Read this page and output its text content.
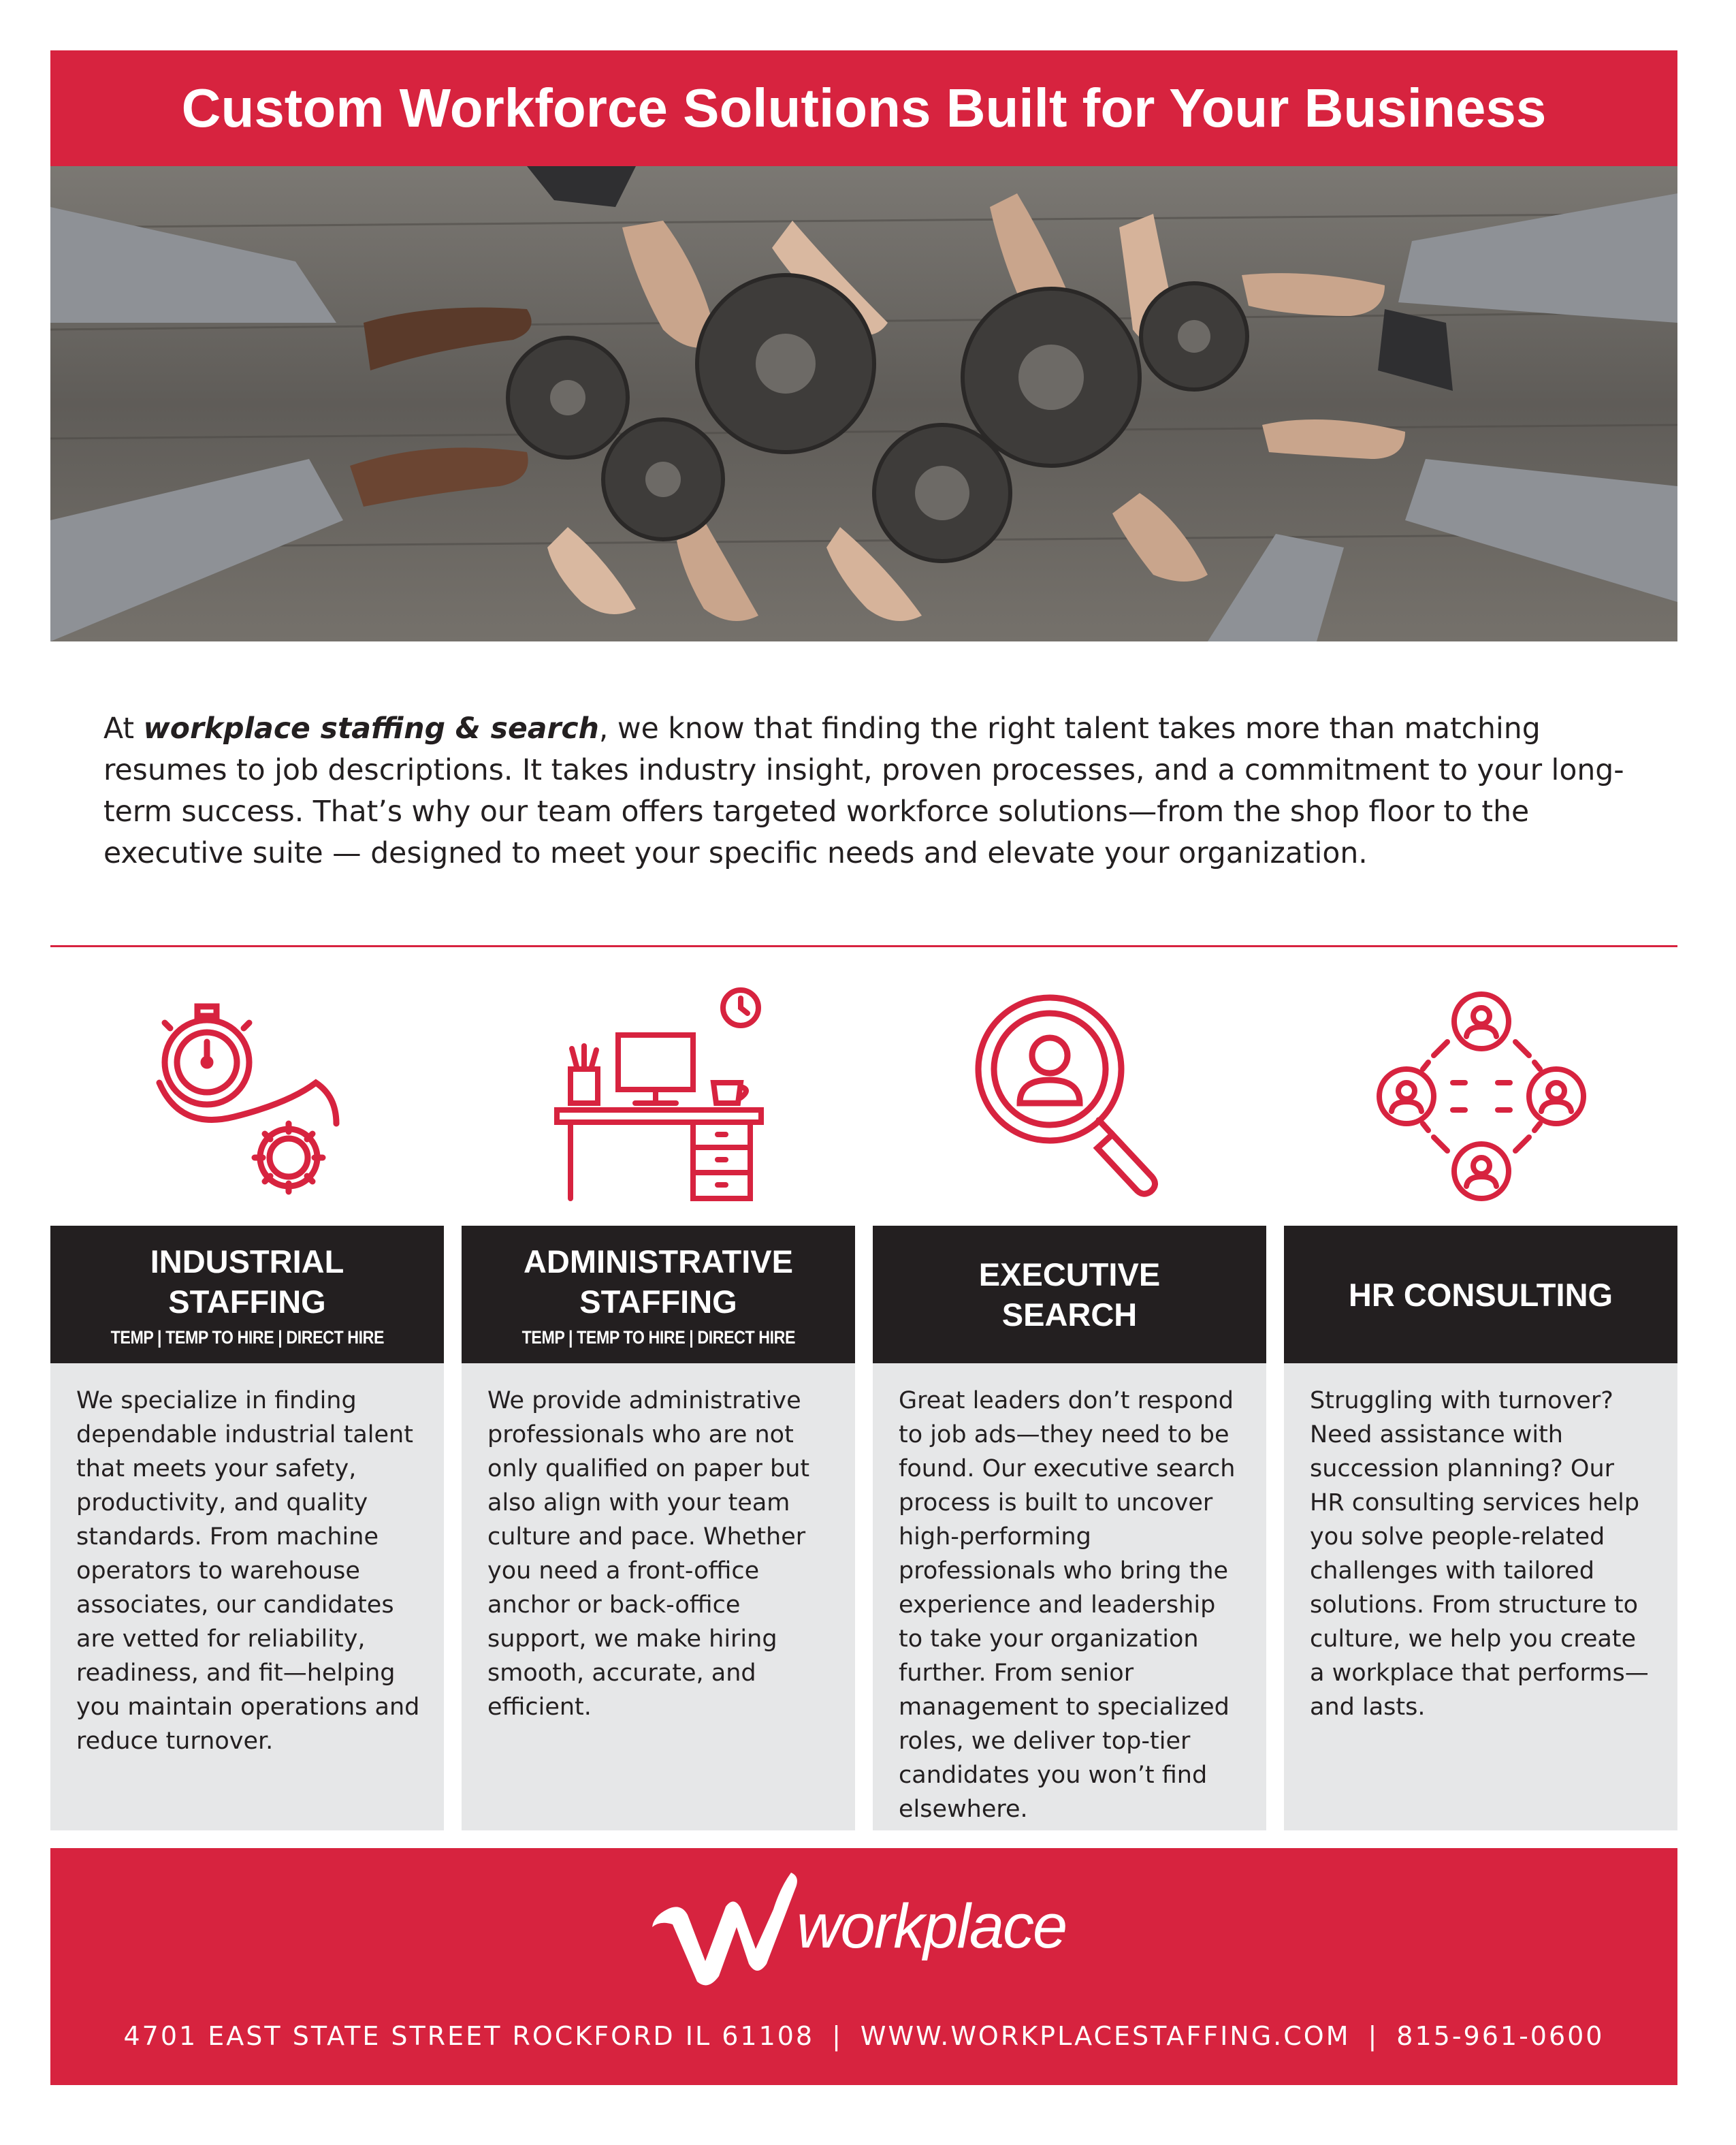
Custom Workforce Solutions Built for Your Business

At workplace staffing & search, we know that finding the right talent takes more than matching resumes to job descriptions. It takes industry insight, proven processes, and a commitment to your long-term success. That’s why our team offers targeted workforce solutions—from the shop floor to the executive suite — designed to meet your specific needs and elevate your organization.

INDUSTRIAL STAFFING
TEMP | TEMP TO HIRE | DIRECT HIRE
ADMINISTRATIVE STAFFING
TEMP | TEMP TO HIRE | DIRECT HIRE
EXECUTIVE SEARCH
HR CONSULTING
We specialize in finding dependable industrial talent that meets your safety, productivity, and quality standards. From machine operators to warehouse associates, our candidates are vetted for reliability, readiness, and fit—helping you maintain operations and reduce turnover.
We provide administrative professionals who are not only qualified on paper but also align with your team culture and pace. Whether you need a front-office anchor or back-office support, we make hiring smooth, accurate, and efficient.
Great leaders don’t respond to job ads—they need to be found. Our executive search process is built to uncover high-performing professionals who bring the experience and leadership to take your organization further. From senior management to specialized roles, we deliver top-tier candidates you won’t find elsewhere.
Struggling with turnover? Need assistance with succession planning? Our HR consulting services help you solve people-related challenges with tailored solutions. From structure to culture, we help you create a workplace that performs—and lasts.
workplace
4701 EAST STATE STREET ROCKFORD IL 61108 | WWW.WORKPLACESTAFFING.COM | 815-961-0600
